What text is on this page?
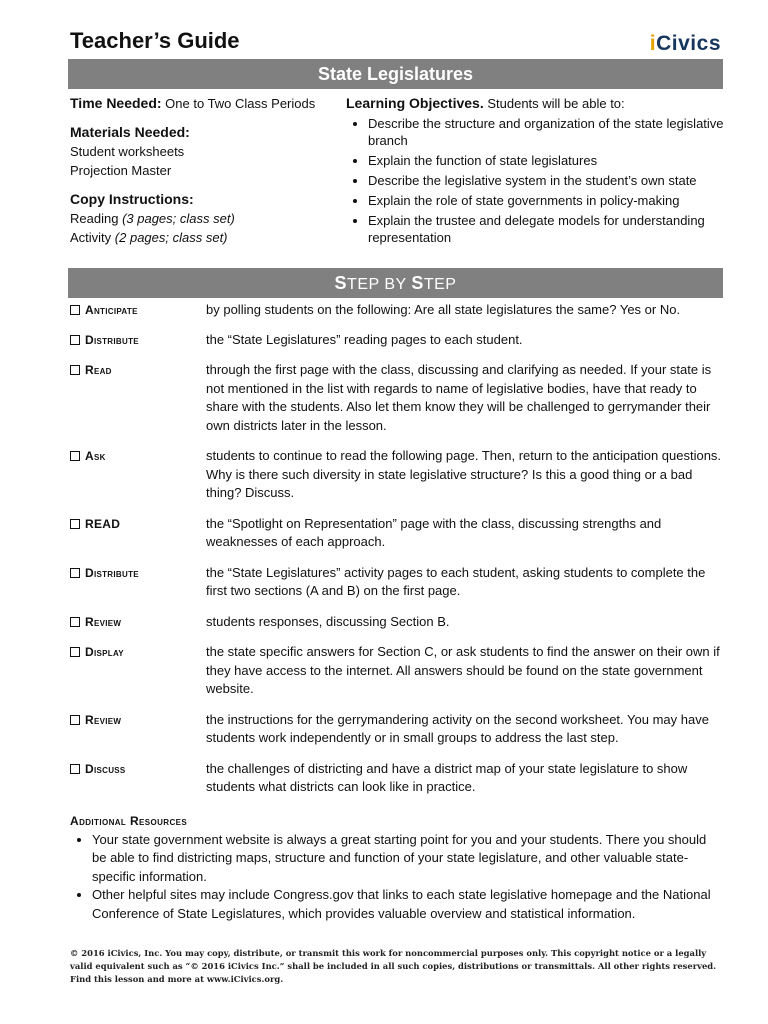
Teacher’s Guide	iCivics
State Legislatures
Time Needed: One to Two Class Periods
Materials Needed:
Student worksheets
Projection Master
Copy Instructions:
Reading (3 pages; class set)
Activity (2 pages; class set)
Learning Objectives. Students will be able to:
• Describe the structure and organization of the state legislative branch
• Explain the function of state legislatures
• Describe the legislative system in the student’s own state
• Explain the role of state governments in policy-making
• Explain the trustee and delegate models for understanding representation
STEP BY STEP
Anticipate	by polling students on the following: Are all state legislatures the same? Yes or No.
Distribute	the “State Legislatures” reading pages to each student.
Read	through the first page with the class, discussing and clarifying as needed. If your state is not mentioned in the list with regards to name of legislative bodies, have that ready to share with the students. Also let them know they will be challenged to gerrymander their own districts later in the lesson.
Ask	students to continue to read the following page. Then, return to the anticipation questions. Why is there such diversity in state legislative structure? Is this a good thing or a bad thing? Discuss.
READ	the “Spotlight on Representation” page with the class, discussing strengths and weaknesses of each approach.
Distribute	the “State Legislatures” activity pages to each student, asking students to complete the first two sections (A and B) on the first page.
Review	students responses, discussing Section B.
Display	the state specific answers for Section C, or ask students to find the answer on their own if they have access to the internet. All answers should be found on the state government website.
Review	the instructions for the gerrymandering activity on the second worksheet. You may have students work independently or in small groups to address the last step.
Discuss	the challenges of districting and have a district map of your state legislature to show students what districts can look like in practice.
Additional Resources
• Your state government website is always a great starting point for you and your students. There you should be able to find districting maps, structure and function of your state legislature, and other valuable state-specific information.
• Other helpful sites may include Congress.gov that links to each state legislative homepage and the National Conference of State Legislatures, which provides valuable overview and statistical information.
© 2016 iCivics, Inc. You may copy, distribute, or transmit this work for noncommercial purposes only. This copyright notice or a legally valid equivalent such as “© 2016 iCivics Inc.” shall be included in all such copies, distributions or transmittals. All other rights reserved. Find this lesson and more at www.iCivics.org.
